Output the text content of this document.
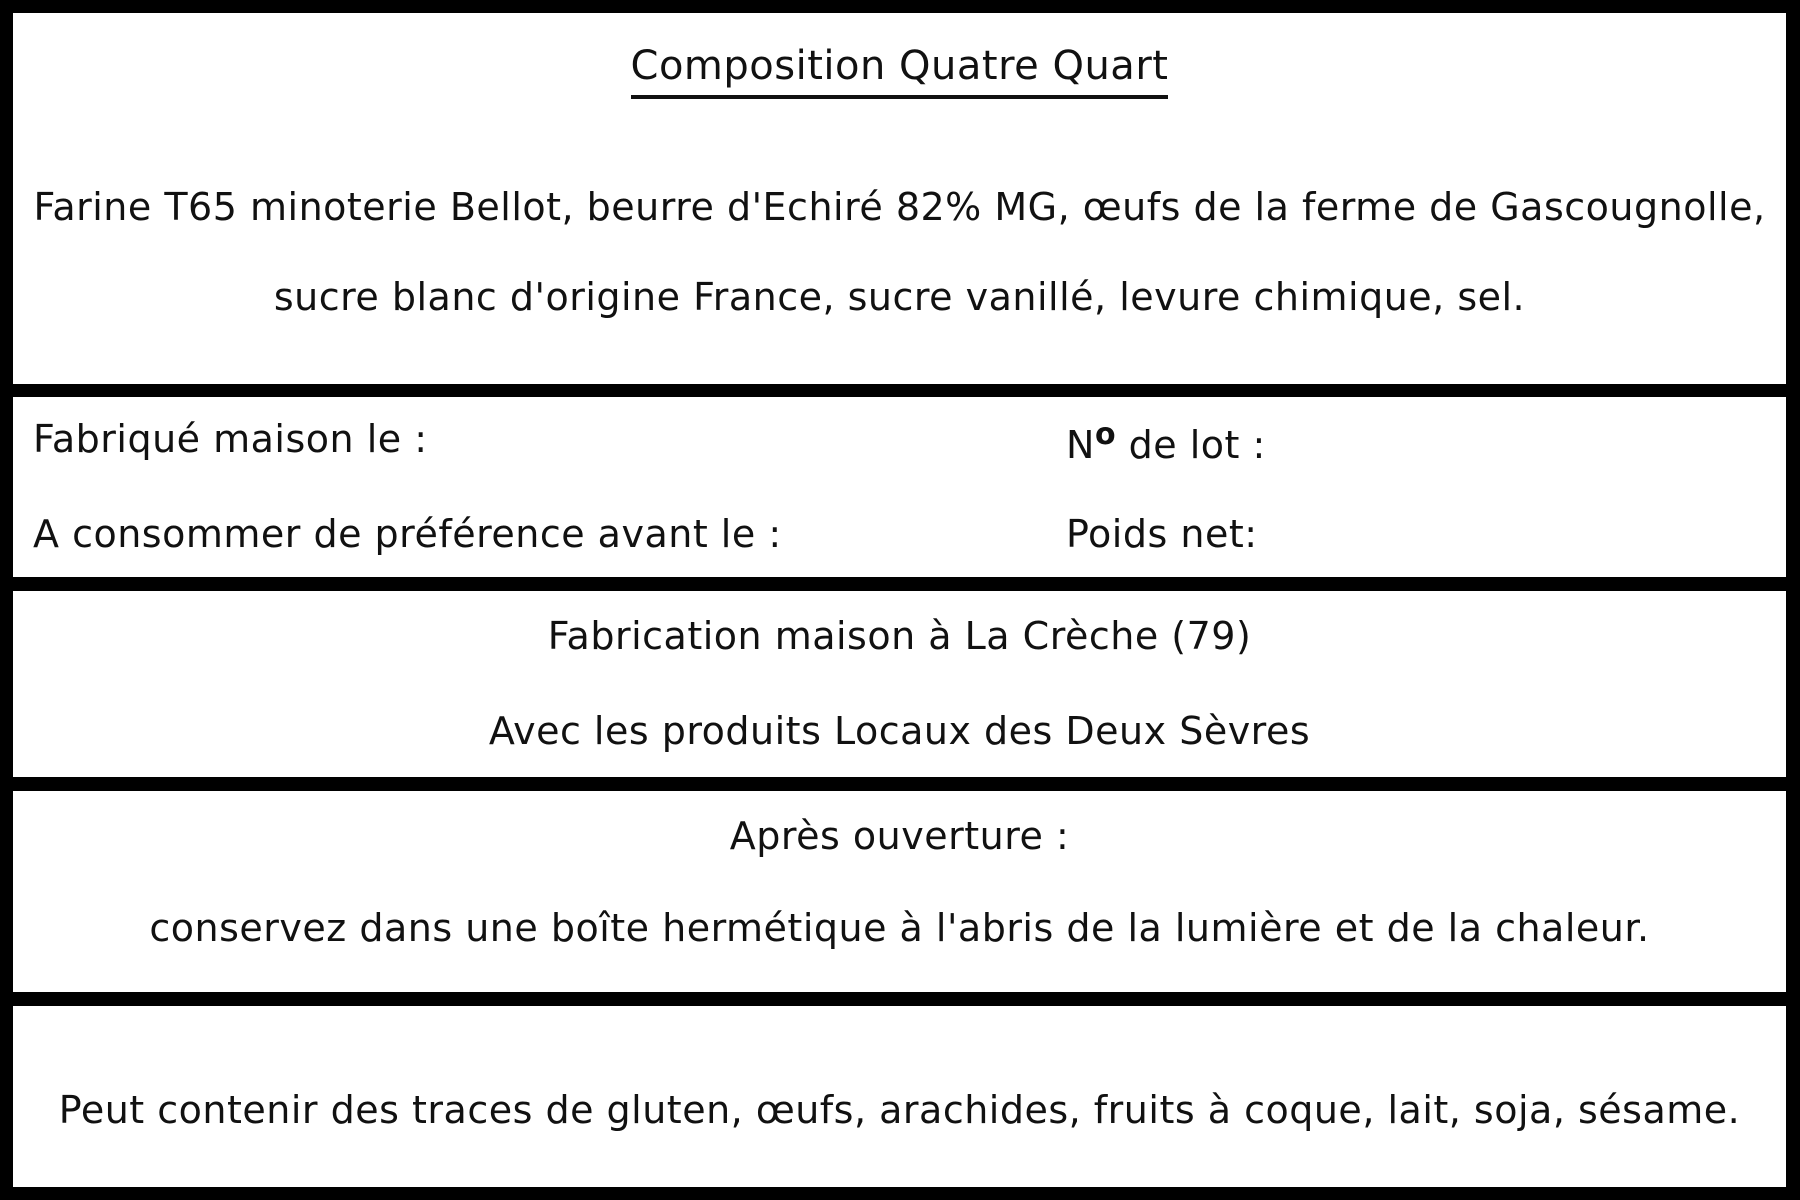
Composition Quatre Quart
Farine T65 minoterie Bellot, beurre d'Echiré 82% MG, œufs de la ferme de Gascougnolle,
sucre blanc d'origine France, sucre vanillé, levure chimique, sel.
Fabriqué maison le :	$N^o$ de lot :
A consommer de préférence avant le :	Poids net:
Fabrication maison à La Crèche (79)
Avec les produits Locaux des Deux Sèvres
Après ouverture :
conservez dans une boîte hermétique à l'abris de la lumière et de la chaleur.
Peut contenir des traces de gluten, œufs, arachides, fruits à coque, lait, soja, sésame.
